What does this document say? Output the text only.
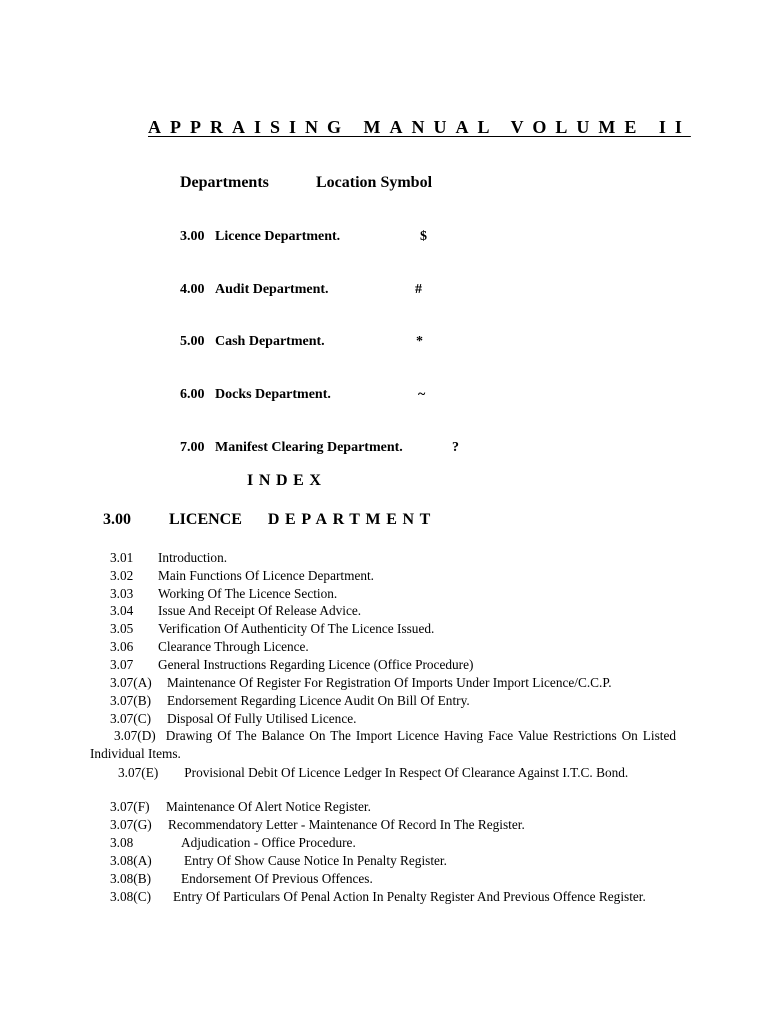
APPRAISING MANUAL VOLUME II
Departments	Location Symbol
3.00 Licence Department.	$
4.00 Audit Department.	#
5.00 Cash Department.	*
6.00 Docks Department.	~
7.00 Manifest Clearing Department.	?
INDEX
3.00 LICENCE DEPARTMENT
3.01 Introduction.
3.02 Main Functions Of Licence Department.
3.03 Working Of The Licence Section.
3.04 Issue And Receipt Of Release Advice.
3.05 Verification Of Authenticity Of The Licence Issued.
3.06 Clearance Through Licence.
3.07 General Instructions Regarding Licence (Office Procedure)
3.07(A) Maintenance Of Register For Registration Of Imports Under Import Licence/C.C.P.
3.07(B) Endorsement Regarding Licence Audit On Bill Of Entry.
3.07(C) Disposal Of Fully Utilised Licence.
3.07(D) Drawing Of The Balance On The Import Licence Having Face Value Restrictions On Listed Individual Items.
3.07(E) Provisional Debit Of Licence Ledger In Respect Of Clearance Against I.T.C. Bond.
3.07(F) Maintenance Of Alert Notice Register.
3.07(G) Recommendatory Letter - Maintenance Of Record In The Register.
3.08	Adjudication - Office Procedure.
3.08(A) Entry Of Show Cause Notice In Penalty Register.
3.08(B) Endorsement Of Previous Offences.
3.08(C) Entry Of Particulars Of Penal Action In Penalty Register And Previous Offence Register.
